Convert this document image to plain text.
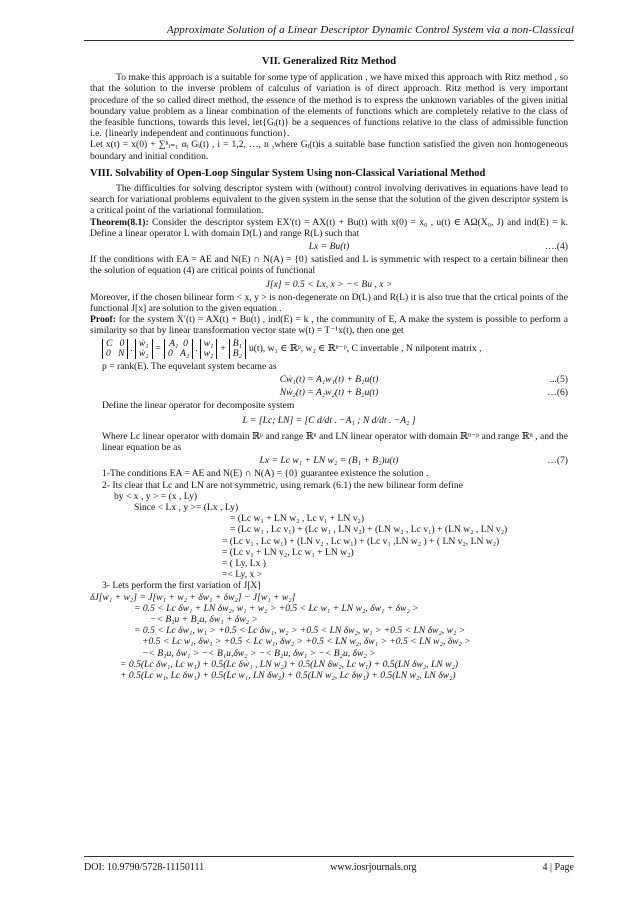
Approximate Solution of a Linear Descriptor Dynamic Control System via a non-Classical
VII. Generalized Ritz Method

To make this approach is a suitable for some type of application , we have mixed this approach with Ritz method , so that the solution to the inverse problem of calculus of variation is of direct approach. Ritz method is very important procedure of the so called direct method, the essence of the method is to express the unknown variables of the given initial boundary value problem as a linear combination of the elements of functions which are completely relative to the class of the feasible functions, towards this level, let{Gᵢ(t)} be a sequences of functions relative to the class of admissible function i.e. {linearly independent and continuous function}.

Let x(t) = x(0) + ∑ⁿᵢ₌₁ αᵢ Gᵢ(t) , i = 1,2, …, n ,where Gᵢ(t)is a suitable base function satisfied the given non homogeneous boundary and initial condition.

VIII. Solvability of Open-Loop Singular System Using non-Classical Variational Method

The difficulties for solving descriptor system with (without) control involving derivatives in equations have lead to search for variational problems equivalent to the given system in the sense that the solution of the given descriptor system is a critical point of the variational formulation.

Theorem(8.1): Consider the descriptor system EX′(t) = AX(t) + Bu(t) with x(0) = x₀ , u(t) ∈ AΩ(X₀, J) and ind(E) = k. Define a linear operator L with domain D(L) and range R(L) such that

Lx = Bu(t)	….(4)

If the conditions with EA = AE and N(E) ∩ N(A) = {0} satisfied and L is symmetric with respect to a certain bilinear then the solution of equation (4) are critical points of functional

J[x] = 0.5 < Lx, x > −< Bu , x >

Moreover, if the chosen bilinear form < x, y > is non-degenerate on D(L) and R(L) it is also true that the crtical points of the functional J[x] are solution to the given equation .

Proof: for the system X′(t) = AX(t) + Bu(t) , ind(E) = k , the community of E, A make the system is possible to perform a similarity so that by linear transformation vector state w(t) = T⁻¹x(t), then one get

C   0
0   N . ẇ₁
ẇ₂ = A₁  0
0   A₂ . w₁
w₂ + B₁
B₂ u(t), w₁ ∈ ℝᵖ, w₂ ∈ ℝⁿ⁻ᵖ, C invertable , N nilpotent matrix ,

p = rank(E). The equvelant system became as

Cẇ₁(t) = A₁w₁(t) + B₁u(t)	...(5)
Nẇ₂(t) = A₂w₂(t) + B₂u(t)	…(6)

Define the linear operator for decomposite system

L = [Lc; LN] = [C d/dt . −A₁ ; N d/dt . −A₂ ]

Where Lc linear operator with domain ℝᵖ and range ℝⁿ and LN linear operator with domain ℝⁿ⁻ᵖ and range ℝⁿ , and the linear equation be as

Lx = Lc w₁ + LN w₂ = (B₁ + B₂)u(t)	…(7)

1-The conditions EA = AE and N(E) ∩ N(A) = {0} guarantee existence the solution .

2- Its clear that Lc and LN are not symmetric, using remark (6.1) the new bilinear form define

by < x , y > = (x , Ly)

Since < Lx , y >= (Lx , Ly)

= (Lc w₁ + LN w₂ , Lc v₁ + LN v₂)

= (Lc w₁ , Lc v₁) + (Lc w₁ , LN v₂) + (LN w₂ , Lc v₁) + (LN w₂ , LN v₂)

= (Lc v₁ , Lc w₁) + (LN v₂ , Lc w₁) + (Lc v₁ ,LN w₂ ) + ( LN v₂, LN w₂)

= (Lc v₁ + LN v₂, Lc w₁ + LN w₂)

= ( Ly, Lx )

=< Ly, x >

3- Lets perform the first variation of J[X]

δJ[w₁ + w₂] = J[w₁ + w₂ + δw₁ + δw₂] − J[w₁ + w₂]

= 0.5 < Lc δw₁ + LN δw₂, w₁ + w₂ > +0.5 < Lc w₁ + LN w₂, δw₁ + δw₂ >

−< B₁u + B₂u, δw₁ + δw₂ >

= 0.5 < Lc δw₁, w₁ > +0.5 < Lc δw₁, w₂ > +0.5 < LN δw₂, w₁ > +0.5 < LN δw₂, w₂ >

+0.5 < Lc w₁, δw₁ > +0.5 < Lc w₁, δw₂ > +0.5 < LN w₂, δw₁ > +0.5 < LN w₂, δw₂ >

−< B₁u, δw₁ > −< B₁u,δw₂ > −< B₂u, δw₁ > −< B₂u, δw₂ >

= 0.5(Lc δw₁, Lc w₁) + 0.5(Lc δw₁ , LN w₂) + 0.5(LN δw₂, Lc w₁) + 0.5(LN δw₂, LN w₂)

+ 0.5(Lc w₁, Lc δw₁) + 0.5(Lc w₁, LN δw₂) + 0.5(LN w₂, Lc δw₁) + 0.5(LN w₂, LN δw₂)

DOI: 10.9790/5728-11150111	www.iosrjournals.org	4 | Page
